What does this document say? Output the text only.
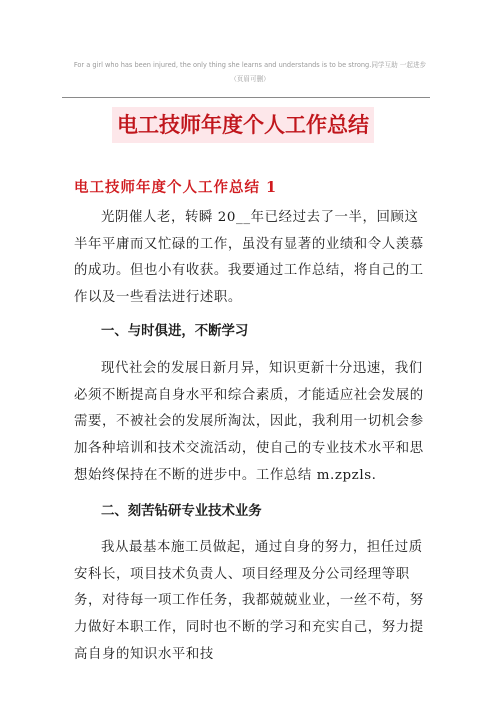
For a girl who has been injured, the only thing she learns and understands is to be strong.同学互助 一起进步
（页眉可删）
电工技师年度个人工作总结
电工技师年度个人工作总结 1
光阴催人老，转瞬 20__年已经过去了一半，回顾这半年平庸而又忙碌的工作，虽没有显著的业绩和令人羡慕的成功。但也小有收获。我要通过工作总结，将自己的工作以及一些看法进行述职。
一、与时俱进，不断学习
现代社会的发展日新月异，知识更新十分迅速，我们必须不断提高自身水平和综合素质，才能适应社会发展的需要，不被社会的发展所淘汰，因此，我利用一切机会参加各种培训和技术交流活动，使自己的专业技术水平和思想始终保持在不断的进步中。工作总结 m.zpzls.
二、刻苦钻研专业技术业务
我从最基本施工员做起，通过自身的努力，担任过质安科长，项目技术负责人、项目经理及分公司经理等职务，对待每一项工作任务，我都兢兢业业，一丝不苟，努力做好本职工作，同时也不断的学习和充实自己，努力提高自身的知识水平和技
